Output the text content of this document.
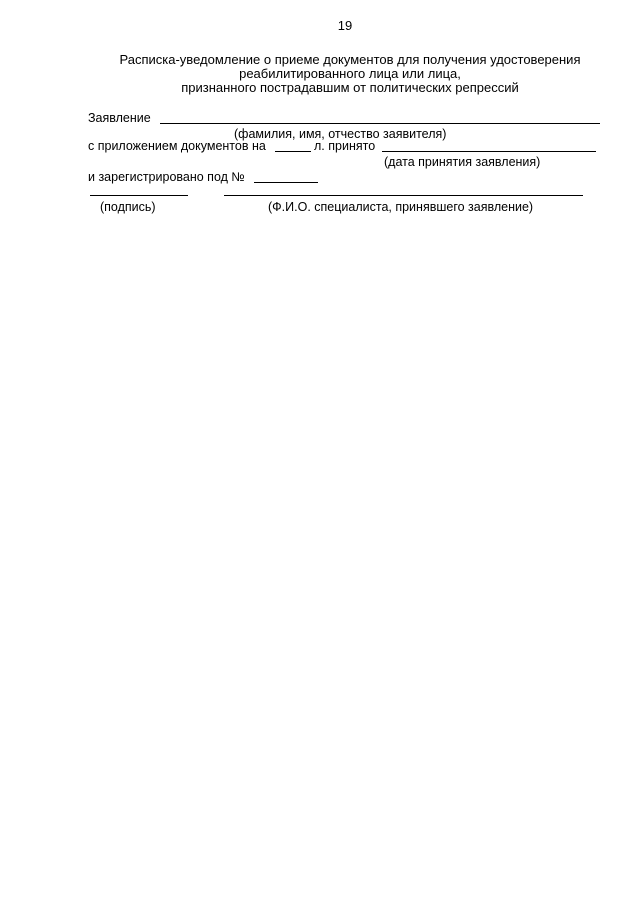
19
Расписка-уведомление о приеме документов для получения удостоверения
реабилитированного лица или лица,
признанного пострадавшим от политических репрессий
Заявление
(фамилия, имя, отчество заявителя)
с приложением документов на	л. принято
(дата принятия заявления)
и зарегистрировано под №
(подпись)	(Ф.И.О. специалиста, принявшего заявление)
